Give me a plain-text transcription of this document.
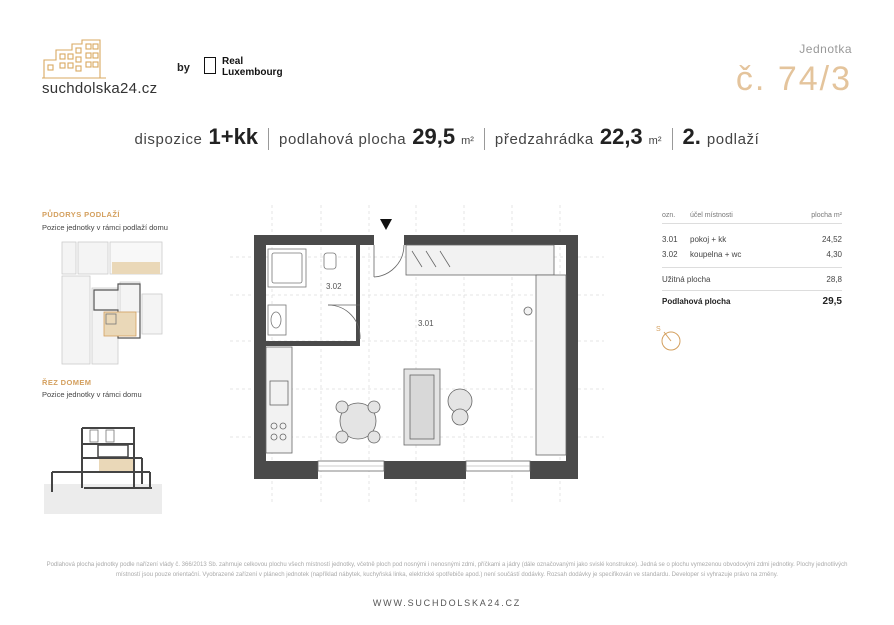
suchdolska24.cz
by
Real
Luxembourg
Jednotka
č. 74/3
dispozice 1+kk podlahová plocha 29,5 m² předzahrádka 22,3 m² 2. podlaží
PŮDORYS PODLAŽÍ
Pozice jednotky v rámci podlaží domu
ŘEZ DOMEM
Pozice jednotky v rámci domu
3.02
3.01
ozn.	účel místnosti	plocha m²

3.01	pokoj + kk	24,52
3.02	koupelna + wc	4,30

Užitná plocha		28,8

Podlahová plocha		29,5
S
Podlahová plocha jednotky podle nařízení vlády č. 366/2013 Sb. zahrnuje celkovou plochu všech místností jednotky, včetně ploch pod nosnými i nenosnými zdmi, příčkami a jádry (dále označovanými jako svislé konstrukce). Jedná se o plochu vymezenou obvodovými zdmi jednotky. Plochy jednotlivých místností jsou pouze orientační. Vyobrazené zařízení v plánech jednotek (například nábytek, kuchyňská linka, elektrické spotřebiče apod.) není součástí dodávky. Rozsah dodávky je specifikován ve standardu. Developer si vyhrazuje právo na změny.
WWW.SUCHDOLSKA24.CZ
